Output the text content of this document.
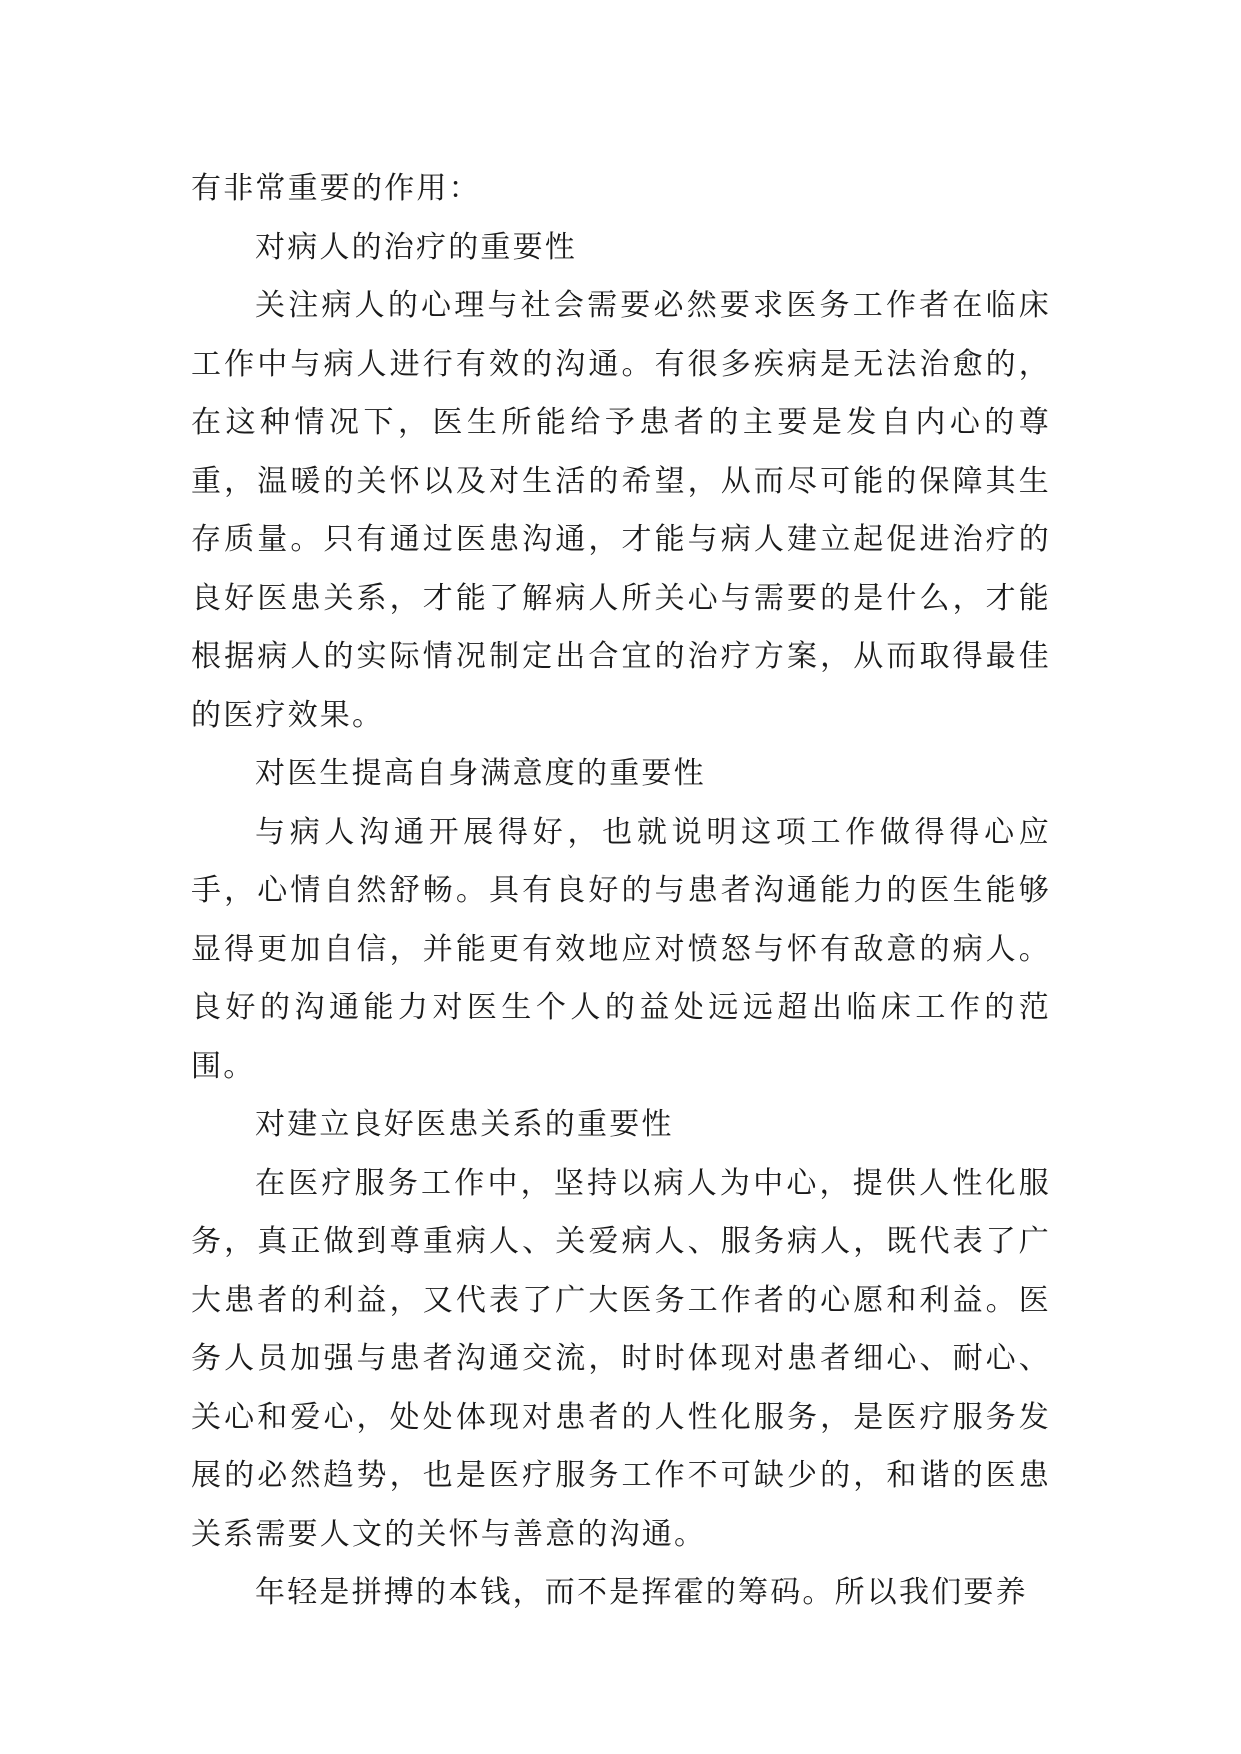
有非常重要的作用：

对病人的治疗的重要性

关注病人的心理与社会需要必然要求医务工作者在临床工作中与病人进行有效的沟通。有很多疾病是无法治愈的，在这种情况下，医生所能给予患者的主要是发自内心的尊重，温暖的关怀以及对生活的希望，从而尽可能的保障其生存质量。只有通过医患沟通，才能与病人建立起促进治疗的良好医患关系，才能了解病人所关心与需要的是什么，才能根据病人的实际情况制定出合宜的治疗方案，从而取得最佳的医疗效果。

对医生提高自身满意度的重要性

与病人沟通开展得好，也就说明这项工作做得得心应手，心情自然舒畅。具有良好的与患者沟通能力的医生能够显得更加自信，并能更有效地应对愤怒与怀有敌意的病人。良好的沟通能力对医生个人的益处远远超出临床工作的范围。

对建立良好医患关系的重要性

在医疗服务工作中，坚持以病人为中心，提供人性化服务，真正做到尊重病人、关爱病人、服务病人，既代表了广大患者的利益，又代表了广大医务工作者的心愿和利益。医务人员加强与患者沟通交流，时时体现对患者细心、耐心、关心和爱心，处处体现对患者的人性化服务，是医疗服务发展的必然趋势，也是医疗服务工作不可缺少的，和谐的医患关系需要人文的关怀与善意的沟通。

年轻是拼搏的本钱，而不是挥霍的筹码。所以我们要养
